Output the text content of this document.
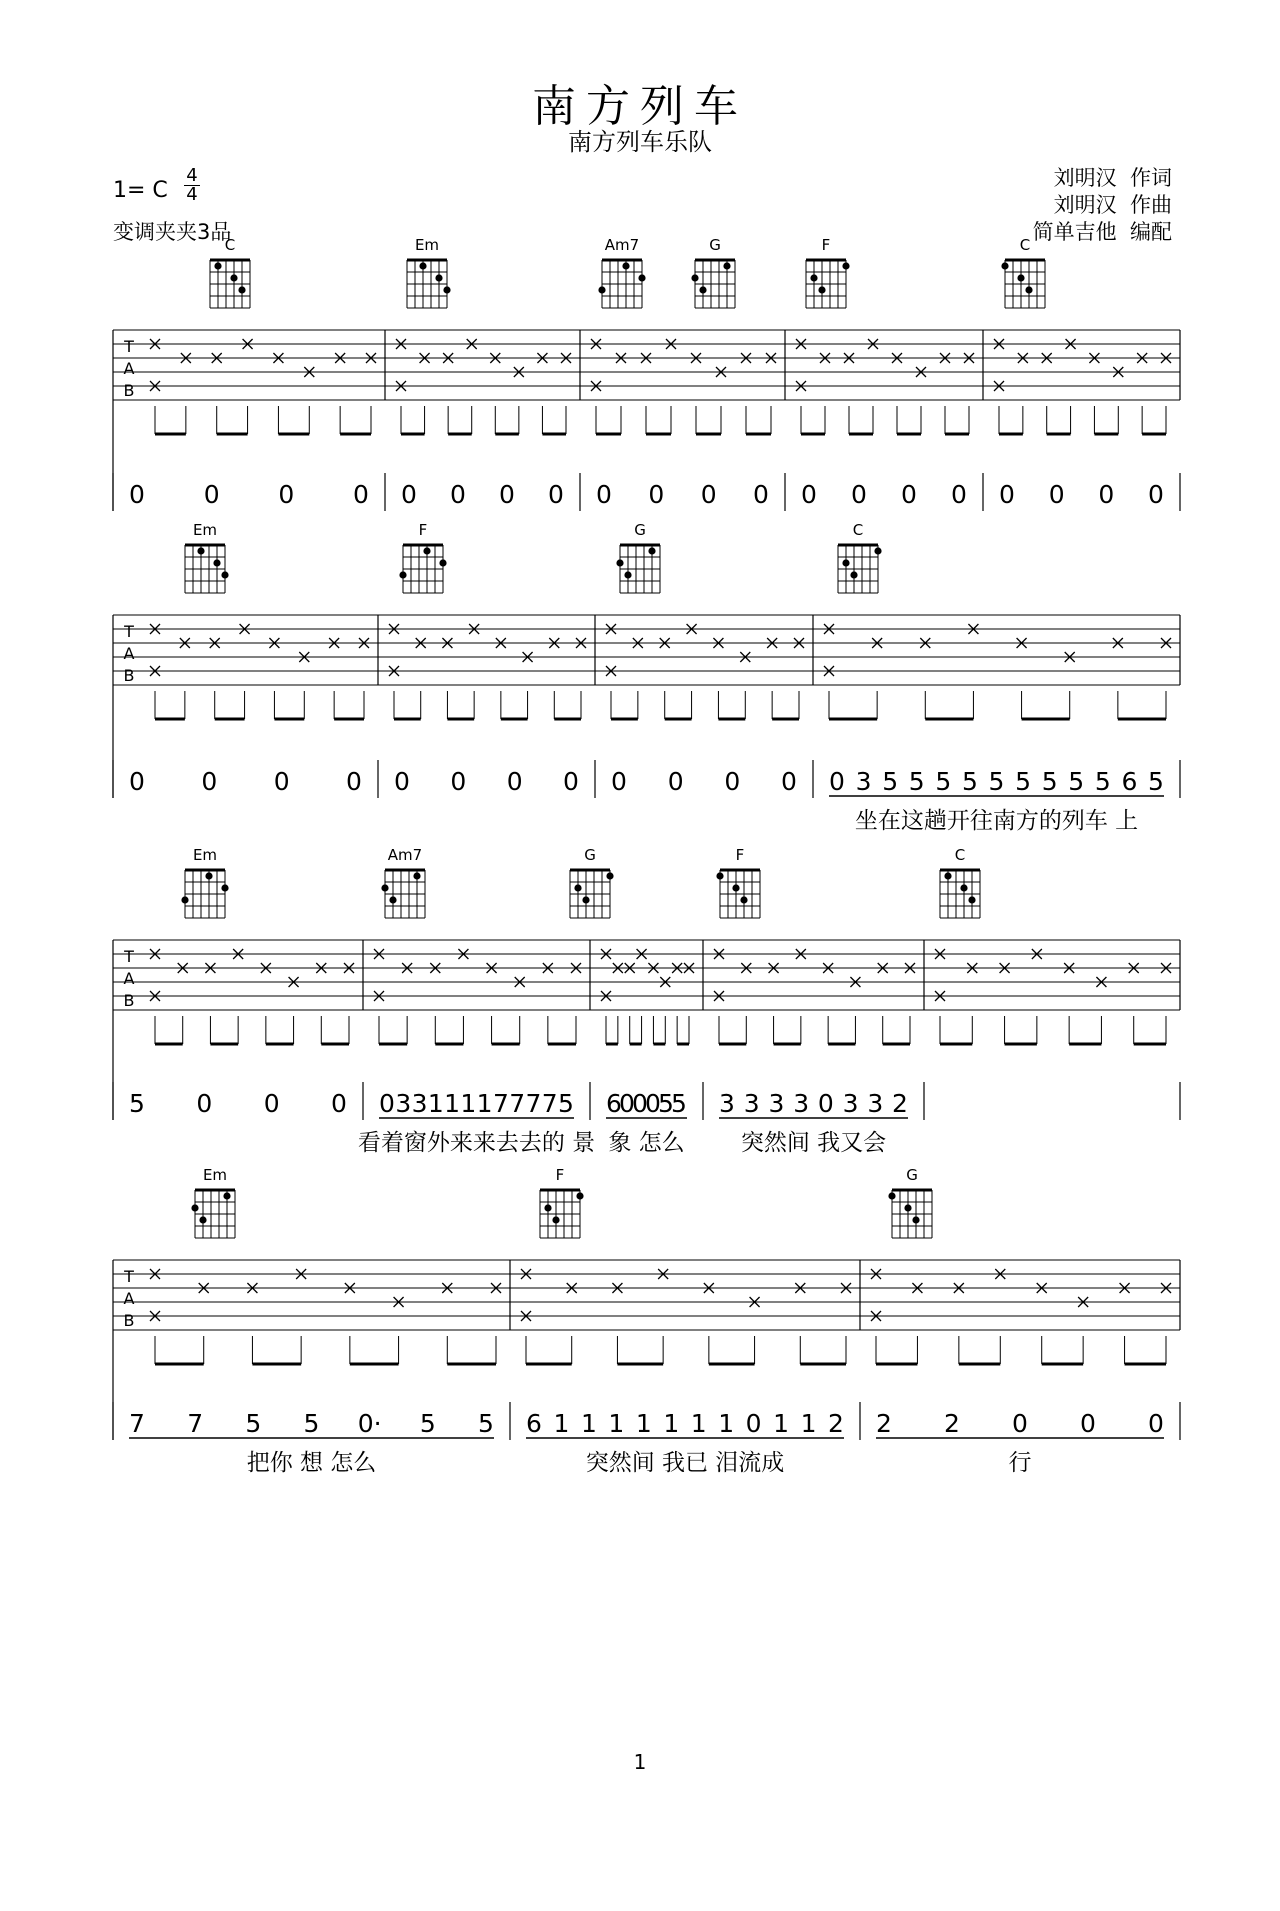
南方列车
南方列车乐队
1= C
4
4
变调夹夹3品
刘明汉  作词
刘明汉  作曲
简单吉他  编配
C	Em	Am7	G	F	C
T
A
B
0 0 0 0 0 0 0 0 0 0 0 0 0 0 0 0 0 0 0 0
Em	F	G	C
T
A
B
0 0 0 0 0 0 0 0 0 0 0 0 0 3 5 5 5 5 5 5 5 5 5 6 5
坐在这趟开往南方的列车 上
Em	Am7	G	F	C
T
A
B
5 0 0 0 0 3 3 1 1 1 1 7 7 7 7 5
看着窗外来来去去的 景
6
0
0
0
5
5
象 怎么
3 3 3 3 0 3 3 2
突然间 我又会
Em	F	G
T
A
B
7 7 5 5 0· 5 5
把你 想 怎么
6 1 1 1 1 1 1 1 0 1 1 2
突然间 我已 泪流成
2 2 0 0 0
行
1
